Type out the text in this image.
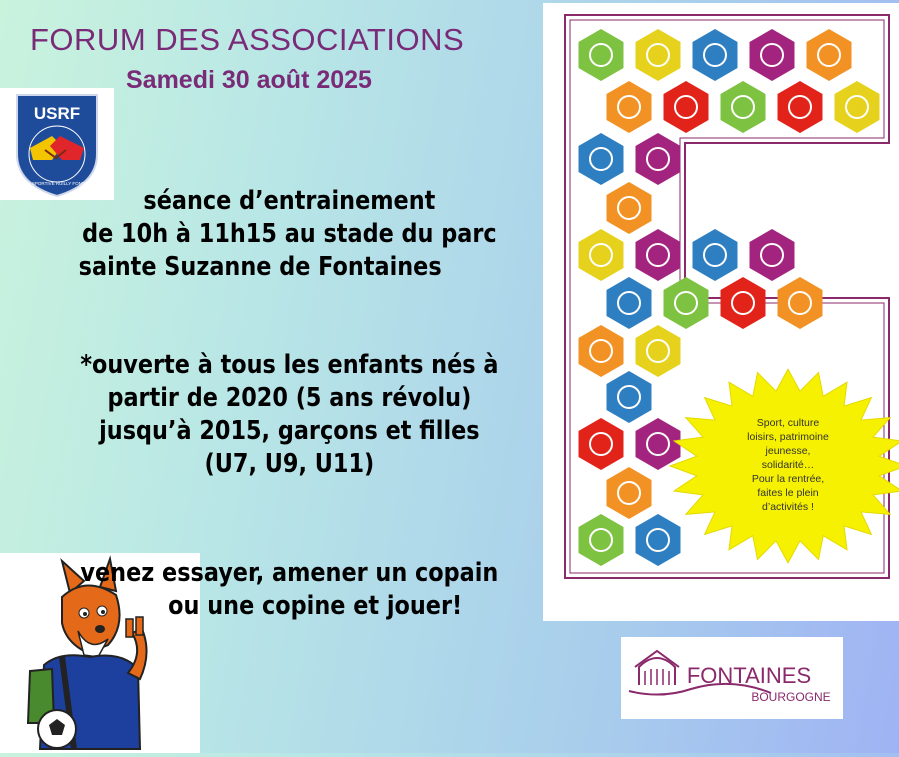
FORUM DES ASSOCIATIONS
Samedi 30 août 2025
USRF
UNION SPORTIVE RUILLY FONTAINES
séance d’entrainement
de 10h à 11h15 au stade du parc
sainte Suzanne de Fontaines
*ouverte à tous les enfants nés à
partir de 2020 (5 ans révolu)
jusqu’à 2015, garçons et filles
(U7, U9, U11)
venez essayer, amener un copain
ou une copine et jouer!
Sport, culture
loisirs, patrimoine
jeunesse,
solidarité…
Pour la rentrée,
faites le plein
d’activités !
FONTAINES
BOURGOGNE
